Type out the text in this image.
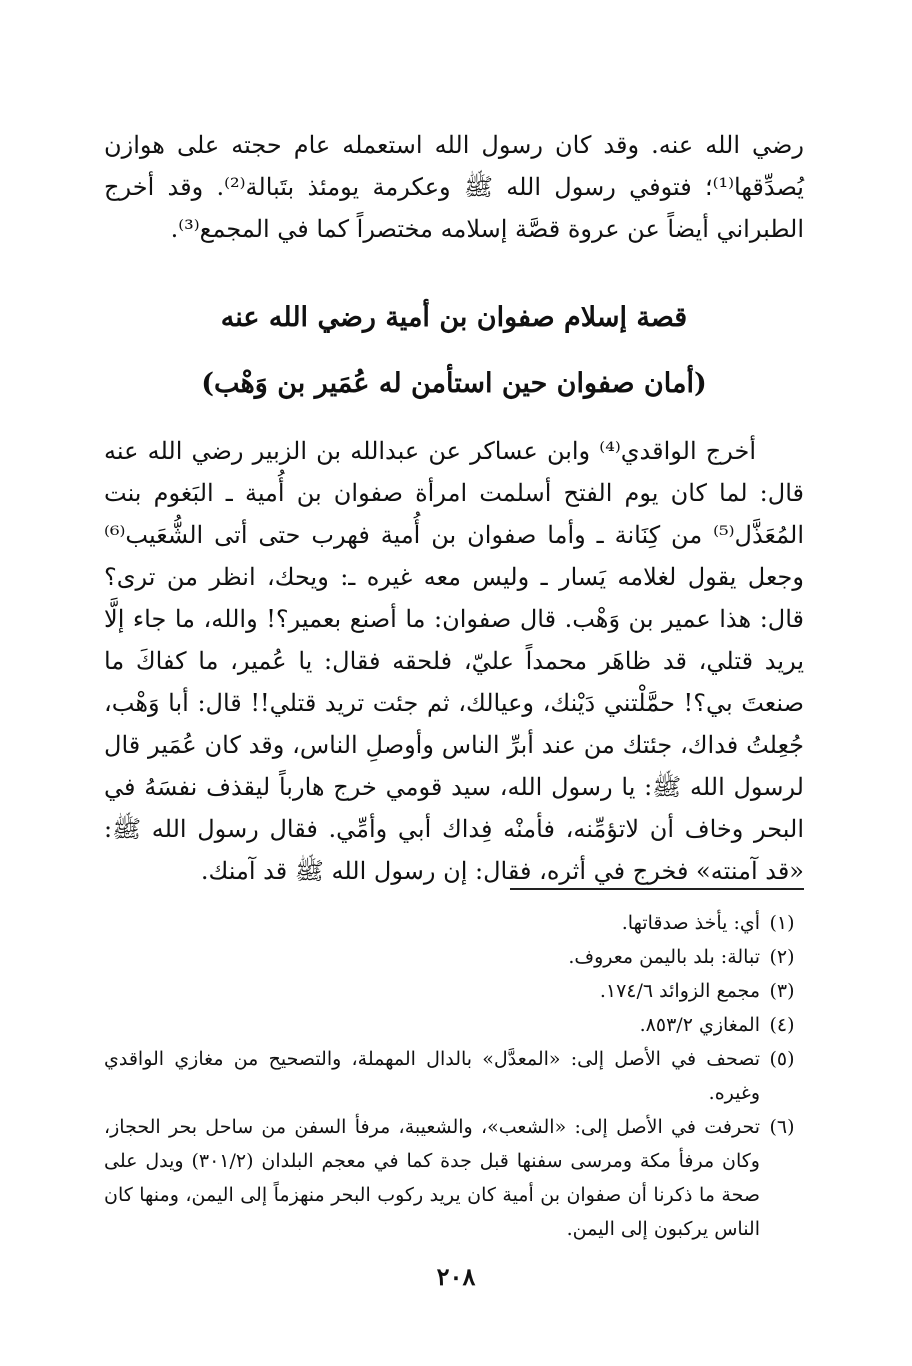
رضي الله عنه. وقد كان رسول الله استعمله عام حجته على هوازن يُصدِّقها⁽¹⁾؛ فتوفي رسول الله ﷺ وعكرمة يومئذ بتَبالة⁽²⁾. وقد أخرج الطبراني أيضاً عن عروة قصَّة إسلامه مختصراً كما في المجمع⁽³⁾.

قصة إسلام صفوان بن أمية رضي الله عنه
(أمان صفوان حين استأمن له عُمَير بن وَهْب)

أخرج الواقدي⁽⁴⁾ وابن عساكر عن عبدالله بن الزبير رضي الله عنه قال: لما كان يوم الفتح أسلمت امرأة صفوان بن أُمية ـ البَغوم بنت المُعَذَّل⁽⁵⁾ من كِنَانة ـ وأما صفوان بن أُمية فهرب حتى أتى الشُّعَيب⁽⁶⁾ وجعل يقول لغلامه يَسار ـ وليس معه غيره ـ: ويحك، انظر من ترى؟ قال: هذا عمير بن وَهْب. قال صفوان: ما أصنع بعمير؟! والله، ما جاء إلَّا يريد قتلي، قد ظاهَر محمداً عليّ، فلحقه فقال: يا عُمير، ما كفاكَ ما صنعتَ بي؟! حمَّلْتني دَيْنك، وعيالك، ثم جئت تريد قتلي!! قال: أبا وَهْب، جُعِلتُ فداك، جئتك من عند أبرِّ الناس وأوصلِ الناس، وقد كان عُمَير قال لرسول الله ﷺ: يا رسول الله، سيد قومي خرج هارباً ليقذف نفسَهُ في البحر وخاف أن لاتؤمِّنه، فأمنْه فِداك أبي وأمِّي. فقال رسول الله ﷺ: «قد آمنته» فخرج في أثره، فقال: إن رسول الله ﷺ قد آمنك.

(١)
أي: يأخذ صدقاتها.
(٢)
تبالة: بلد باليمن معروف.
(٣)
مجمع الزوائد ١٧٤/٦.
(٤)
المغازي ٨٥٣/٢.
(٥)
تصحف في الأصل إلى: «المعدَّل» بالدال المهملة، والتصحيح من مغازي الواقدي وغيره.
(٦)
تحرفت في الأصل إلى: «الشعب»، والشعيبة، مرفأ السفن من ساحل بحر الحجاز، وكان مرفأ مكة ومرسى سفنها قبل جدة كما في معجم البلدان (٣٠١/٢) ويدل على صحة ما ذكرنا أن صفوان بن أمية كان يريد ركوب البحر منهزماً إلى اليمن، ومنها كان الناس يركبون إلى اليمن.
٢٠٨
